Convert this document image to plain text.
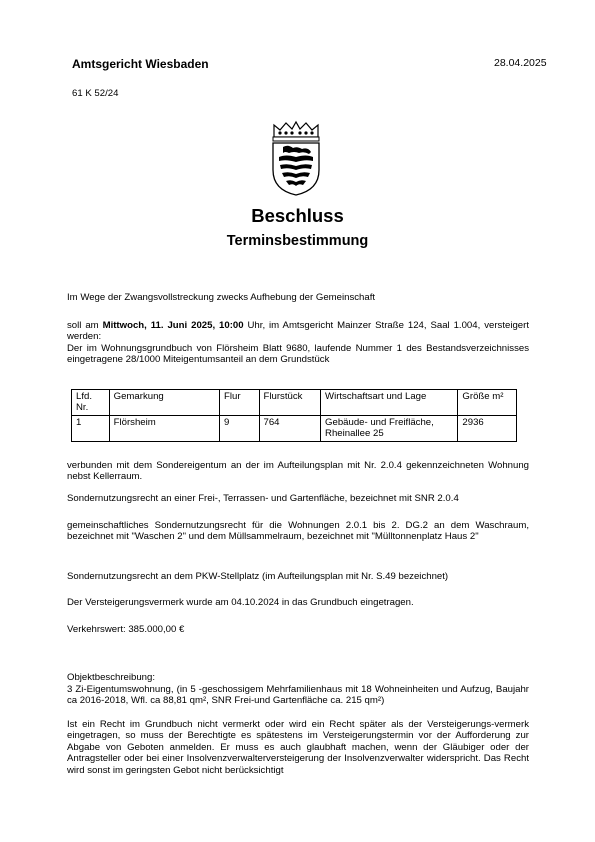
Amtsgericht Wiesbaden	28.04.2025
61 K 52/24
Beschluss
Terminsbestimmung
Im Wege der Zwangsvollstreckung zwecks Aufhebung der Gemeinschaft
soll am Mittwoch, 11. Juni 2025, 10:00 Uhr, im Amtsgericht Mainzer Straße 124, Saal 1.004, versteigert werden:
Der im Wohnungsgrundbuch von Flörsheim Blatt 9680, laufende Nummer 1 des Bestandsverzeichnisses eingetragene 28/1000 Miteigentumsanteil an dem Grundstück
Lfd. Nr.	Gemarkung	Flur	Flurstück	Wirtschaftsart und Lage	Größe m²
1	Flörsheim	9	764	Gebäude- und Freifläche, Rheinallee 25	2936
verbunden mit dem Sondereigentum an der im Aufteilungsplan mit Nr. 2.0.4 gekennzeichneten Wohnung nebst Kellerraum.
Sondernutzungsrecht an einer Frei-, Terrassen- und Gartenfläche, bezeichnet mit SNR 2.0.4
gemeinschaftliches Sondernutzungsrecht für die Wohnungen 2.0.1 bis 2. DG.2 an dem Waschraum, bezeichnet mit "Waschen 2" und dem Müllsammelraum, bezeichnet mit "Mülltonnenplatz Haus 2"
Sondernutzungsrecht an dem PKW-Stellplatz (im Aufteilungsplan mit Nr. S.49 bezeichnet)
Der Versteigerungsvermerk wurde am 04.10.2024 in das Grundbuch eingetragen.
Verkehrswert: 385.000,00 €
Objektbeschreibung:
3 Zi-Eigentumswohnung, (in 5 -geschossigem Mehrfamilienhaus mit 18 Wohneinheiten und Aufzug, Baujahr ca 2016-2018, Wfl. ca 88,81 qm², SNR Frei-und Gartenfläche ca. 215 qm²)
Ist ein Recht im Grundbuch nicht vermerkt oder wird ein Recht später als der Versteigerungs-vermerk eingetragen, so muss der Berechtigte es spätestens im Versteigerungstermin vor der Aufforderung zur Abgabe von Geboten anmelden. Er muss es auch glaubhaft machen, wenn der Gläubiger oder der Antragsteller oder bei einer Insolvenzverwalterversteigerung der Insolvenzverwalter widerspricht. Das Recht wird sonst im geringsten Gebot nicht berücksichtigt
